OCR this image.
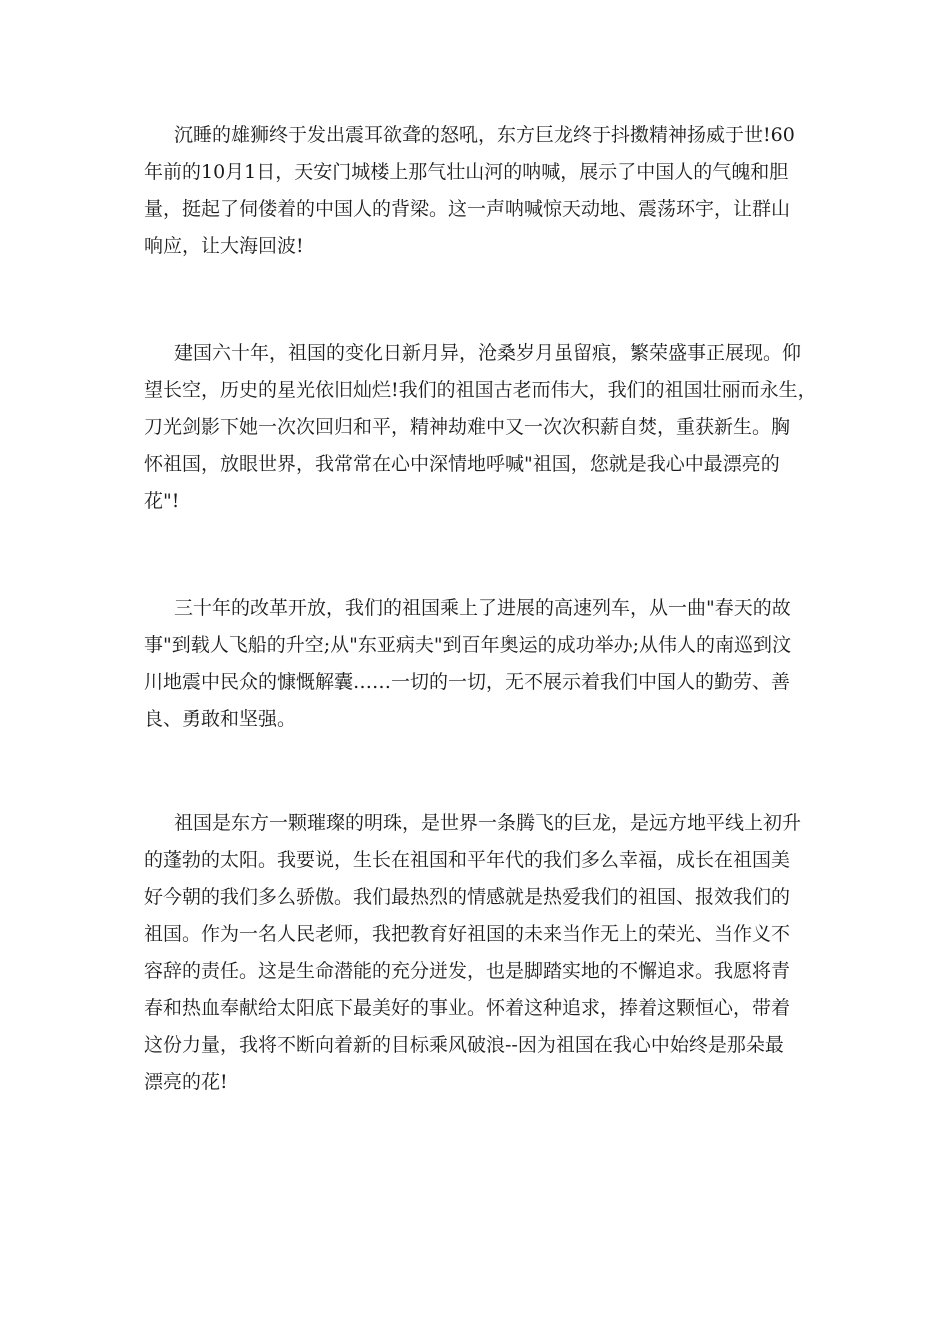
沉睡的雄狮终于发出震耳欲聋的怒吼，东方巨龙终于抖擞精神扬威于世!60
年前的10月1日，天安门城楼上那气壮山河的呐喊，展示了中国人的气魄和胆
量，挺起了伺偻着的中国人的背梁。这一声呐喊惊天动地、震荡环宇，让群山
响应，让大海回波!
建国六十年，祖国的变化日新月异，沧桑岁月虽留痕，繁荣盛事正展现。仰
望长空，历史的星光依旧灿烂!我们的祖国古老而伟大，我们的祖国壮丽而永生，
刀光剑影下她一次次回归和平，精神劫难中又一次次积薪自焚，重获新生。胸
怀祖国，放眼世界，我常常在心中深情地呼喊"祖国，您就是我心中最漂亮的
花"!
三十年的改革开放，我们的祖国乘上了进展的高速列车，从一曲"春天的故
事"到载人飞船的升空;从"东亚病夫"到百年奥运的成功举办;从伟人的南巡到汶
川地震中民众的慷慨解囊……一切的一切，无不展示着我们中国人的勤劳、善
良、勇敢和坚强。
祖国是东方一颗璀璨的明珠，是世界一条腾飞的巨龙，是远方地平线上初升
的蓬勃的太阳。我要说，生长在祖国和平年代的我们多么幸福，成长在祖国美
好今朝的我们多么骄傲。我们最热烈的情感就是热爱我们的祖国、报效我们的
祖国。作为一名人民老师，我把教育好祖国的未来当作无上的荣光、当作义不
容辞的责任。这是生命潜能的充分迸发，也是脚踏实地的不懈追求。我愿将青
春和热血奉献给太阳底下最美好的事业。怀着这种追求，捧着这颗恒心，带着
这份力量，我将不断向着新的目标乘风破浪--因为祖国在我心中始终是那朵最
漂亮的花!
